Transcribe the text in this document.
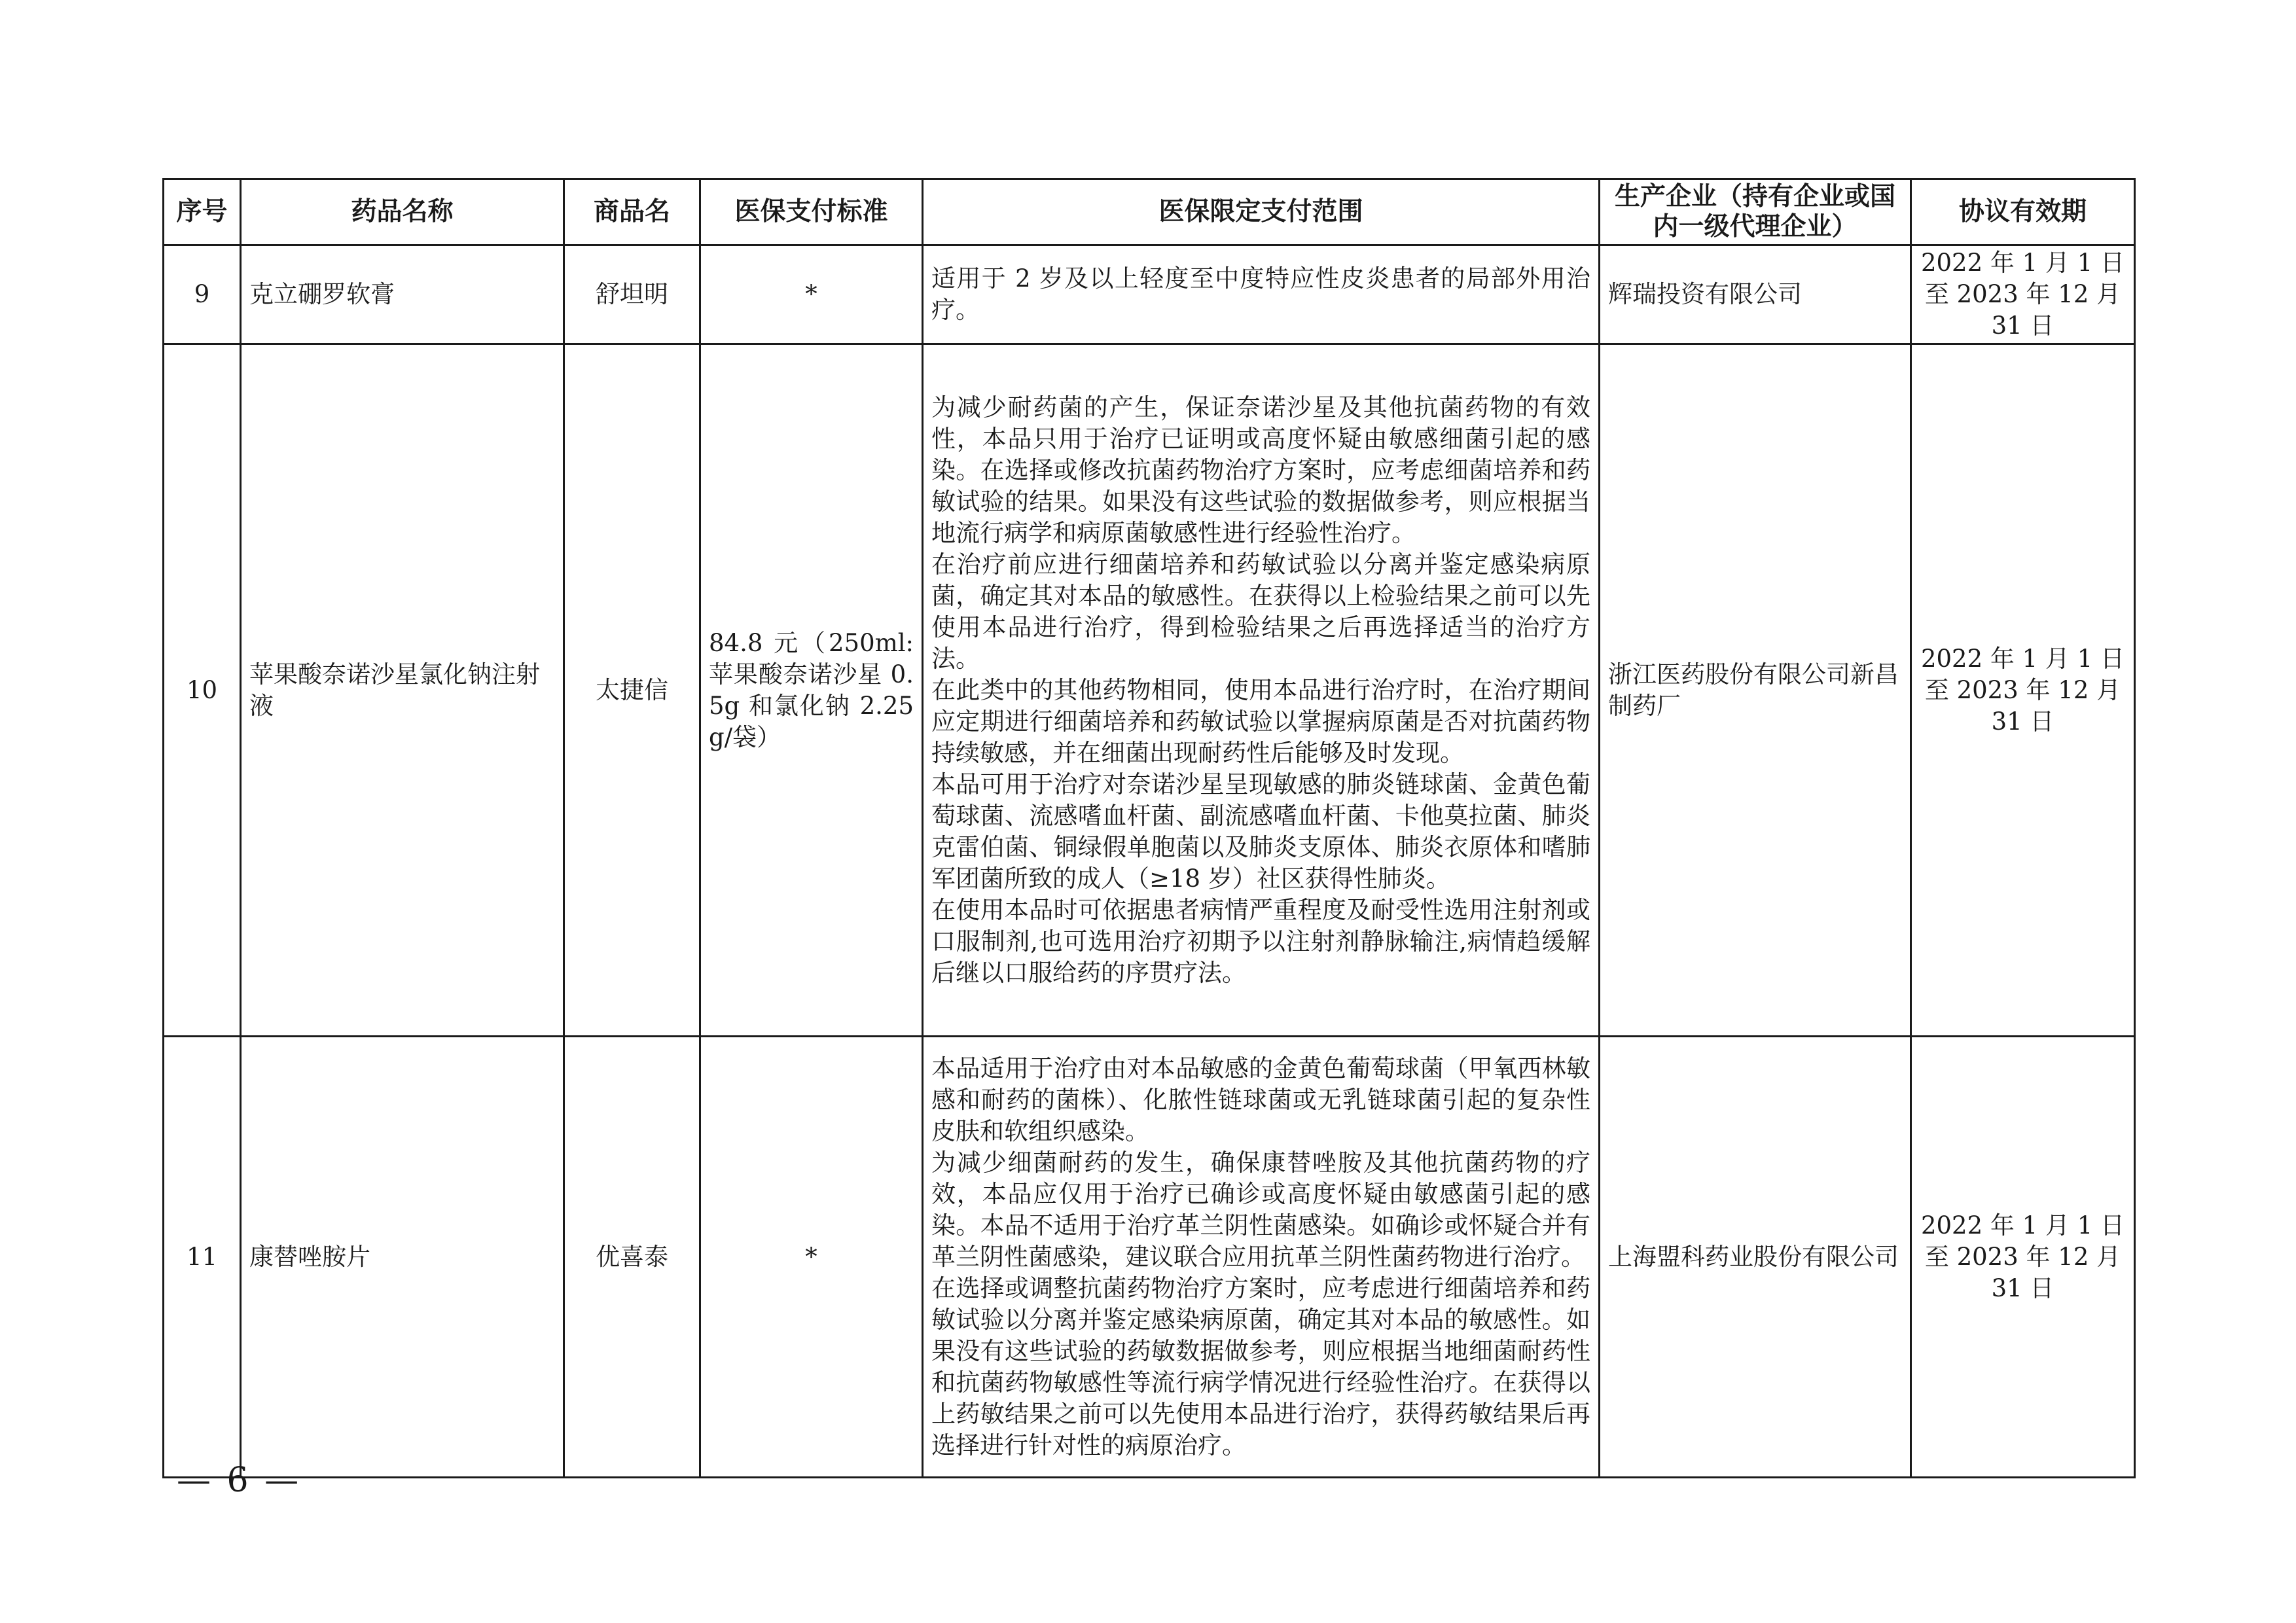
序号	药品名称	商品名	医保支付标准	医保限定支付范围	生产企业（持有企业或国内一级代理企业）	协议有效期
9	克立硼罗软膏	舒坦明	*	适用于 2 岁及以上轻度至中度特应性皮炎患者的局部外用治疗。	辉瑞投资有限公司	2022 年 1 月 1 日至 2023 年 12 月 31 日
10	苹果酸奈诺沙星氯化钠注射液	太捷信	84.8 元（250ml: 苹果酸奈诺沙星 0.5g 和氯化钠 2.25g/袋）	为减少耐药菌的产生，保证奈诺沙星及其他抗菌药物的有效性，本品只用于治疗已证明或高度怀疑由敏感细菌引起的感染。在选择或修改抗菌药物治疗方案时，应考虑细菌培养和药敏试验的结果。如果没有这些试验的数据做参考，则应根据当地流行病学和病原菌敏感性进行经验性治疗。

在治疗前应进行细菌培养和药敏试验以分离并鉴定感染病原菌，确定其对本品的敏感性。在获得以上检验结果之前可以先使用本品进行治疗，得到检验结果之后再选择适当的治疗方法。

在此类中的其他药物相同，使用本品进行治疗时，在治疗期间应定期进行细菌培养和药敏试验以掌握病原菌是否对抗菌药物持续敏感，并在细菌出现耐药性后能够及时发现。

本品可用于治疗对奈诺沙星呈现敏感的肺炎链球菌、金黄色葡萄球菌、流感嗜血杆菌、副流感嗜血杆菌、卡他莫拉菌、肺炎克雷伯菌、铜绿假单胞菌以及肺炎支原体、肺炎衣原体和嗜肺军团菌所致的成人（≥18 岁）社区获得性肺炎。

在使用本品时可依据患者病情严重程度及耐受性选用注射剂或口服制剂,也可选用治疗初期予以注射剂静脉输注,病情趋缓解后继以口服给药的序贯疗法。	浙江医药股份有限公司新昌制药厂	2022 年 1 月 1 日至 2023 年 12 月 31 日
11	康替唑胺片	优喜泰	*	本品适用于治疗由对本品敏感的金黄色葡萄球菌（甲氧西林敏感和耐药的菌株）、化脓性链球菌或无乳链球菌引起的复杂性皮肤和软组织感染。

为减少细菌耐药的发生，确保康替唑胺及其他抗菌药物的疗效，本品应仅用于治疗已确诊或高度怀疑由敏感菌引起的感染。本品不适用于治疗革兰阴性菌感染。如确诊或怀疑合并有革兰阴性菌感染，建议联合应用抗革兰阴性菌药物进行治疗。

在选择或调整抗菌药物治疗方案时，应考虑进行细菌培养和药敏试验以分离并鉴定感染病原菌，确定其对本品的敏感性。如果没有这些试验的药敏数据做参考，则应根据当地细菌耐药性和抗菌药物敏感性等流行病学情况进行经验性治疗。在获得以上药敏结果之前可以先使用本品进行治疗，获得药敏结果后再选择进行针对性的病原治疗。	上海盟科药业股份有限公司	2022 年 1 月 1 日至 2023 年 12 月 31 日
— 6 —
